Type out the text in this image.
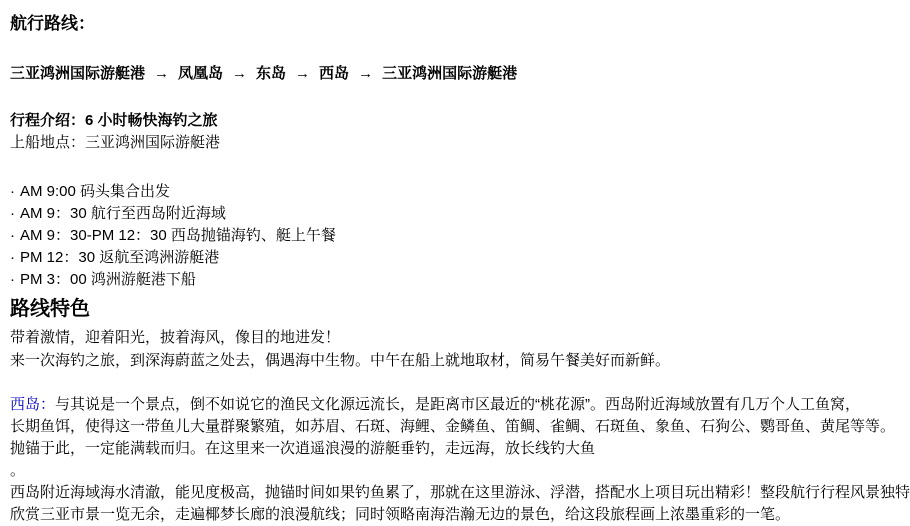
航行路线：
三亚鸿洲国际游艇港 → 凤凰岛 → 东岛 → 西岛 → 三亚鸿洲国际游艇港
行程介绍：6 小时畅快海钓之旅
上船地点：三亚鸿洲国际游艇港
· AM 9:00 码头集合出发
· AM 9：30 航行至西岛附近海域
· AM 9：30-PM 12：30 西岛抛锚海钓、艇上午餐
· PM 12：30 返航至鸿洲游艇港
· PM 3：00 鸿洲游艇港下船
路线特色
带着激情，迎着阳光，披着海风，像目的地进发！
来一次海钓之旅，到深海蔚蓝之处去，偶遇海中生物。中午在船上就地取材，简易午餐美好而新鲜。
西岛：与其说是一个景点，倒不如说它的渔民文化源远流长，是距离市区最近的“桃花源”。西岛附近海域放置有几万个人工鱼窝，
长期鱼饵，使得这一带鱼儿大量群聚繁殖，如苏眉、石斑、海鲤、金鳞鱼、笛鲷、雀鲷、石斑鱼、象鱼、石狗公、鹦哥鱼、黄尾等等。
抛锚于此，一定能满载而归。在这里来一次逍遥浪漫的游艇垂钓，走远海，放长线钓大鱼
。
西岛附近海域海水清澈，能见度极高，抛锚时间如果钓鱼累了，那就在这里游泳、浮潜，搭配水上项目玩出精彩！整段航行行程风景独特
欣赏三亚市景一览无余，走遍椰梦长廊的浪漫航线；同时领略南海浩瀚无边的景色，给这段旅程画上浓墨重彩的一笔。
